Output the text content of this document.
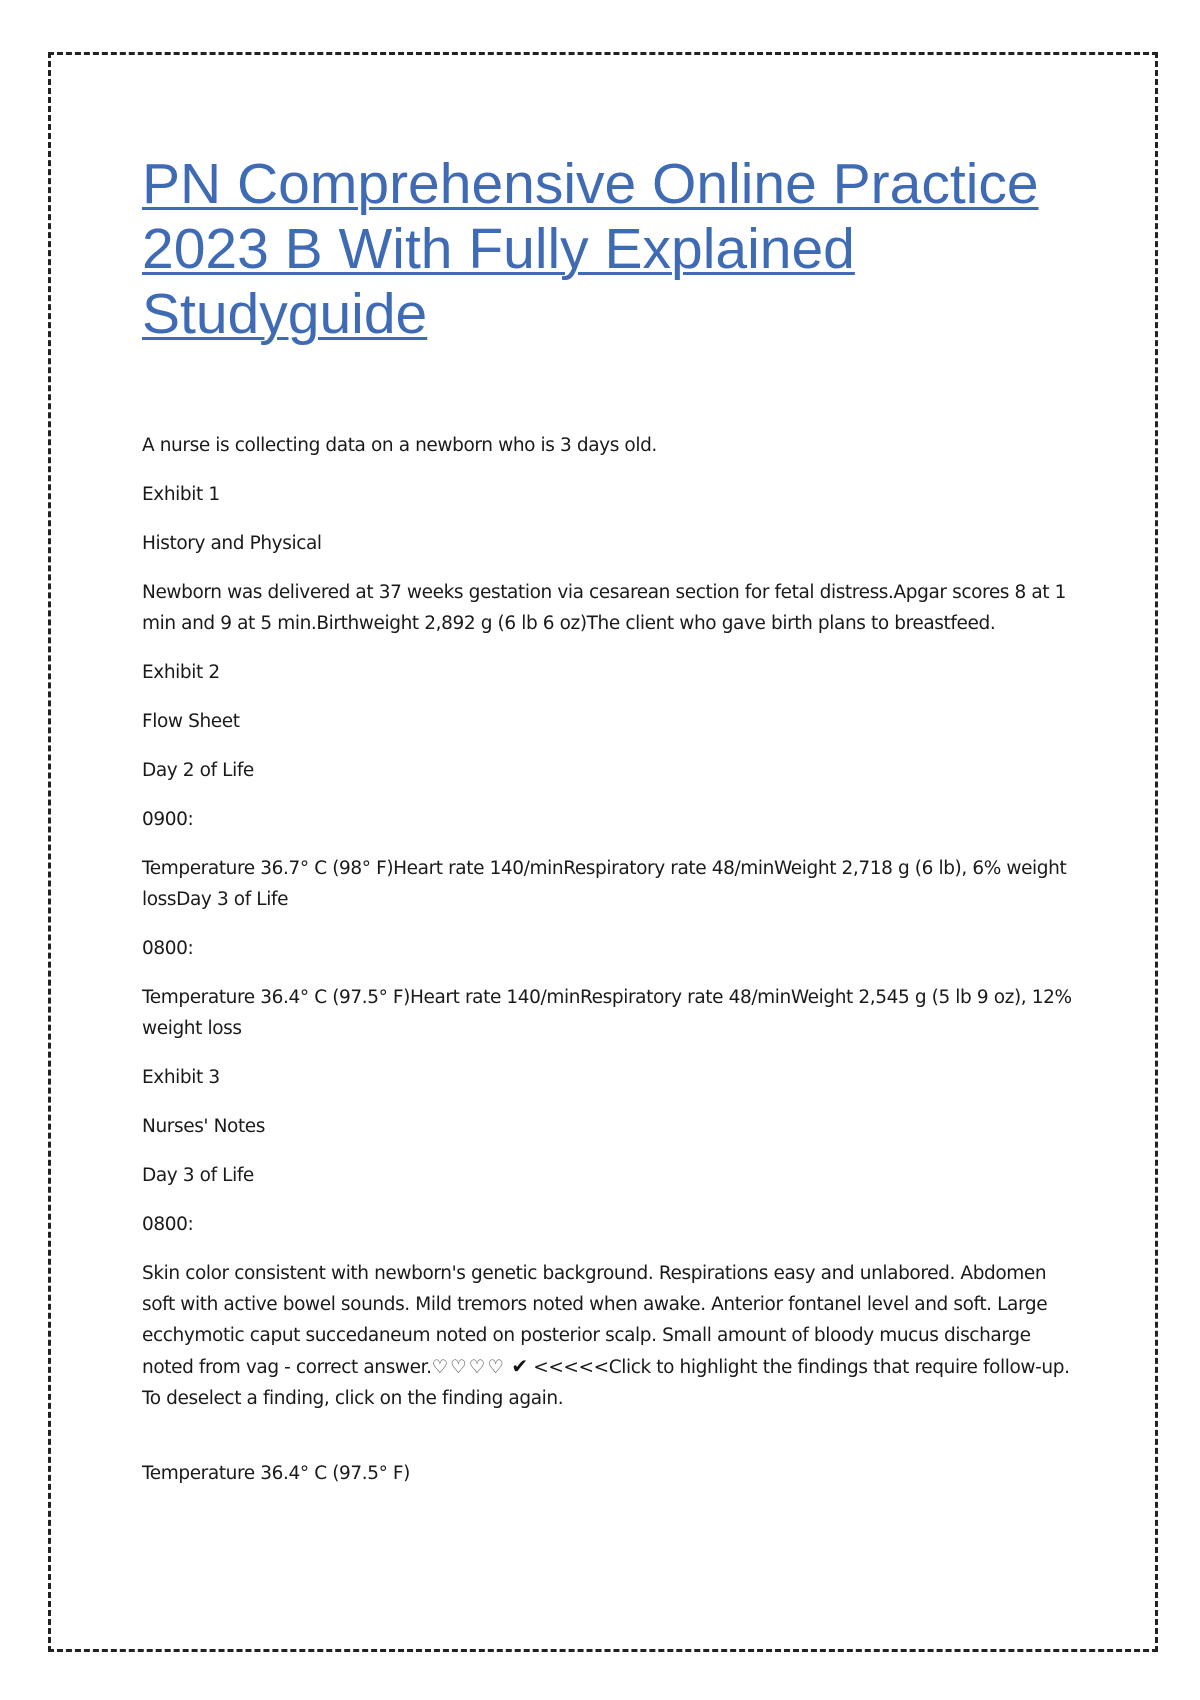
PN Comprehensive Online Practice
2023 B With Fully Explained
Studyguide

A nurse is collecting data on a newborn who is 3 days old.

Exhibit 1

History and Physical

Newborn was delivered at 37 weeks gestation via cesarean section for fetal distress.Apgar scores 8 at 1 min and 9 at 5 min.Birthweight 2,892 g (6 lb 6 oz)The client who gave birth plans to breastfeed.

Exhibit 2

Flow Sheet

Day 2 of Life

0900:

Temperature 36.7° C (98° F)Heart rate 140/minRespiratory rate 48/minWeight 2,718 g (6 lb), 6% weight lossDay 3 of Life

0800:

Temperature 36.4° C (97.5° F)Heart rate 140/minRespiratory rate 48/minWeight 2,545 g (5 lb 9 oz), 12% weight loss

Exhibit 3

Nurses' Notes

Day 3 of Life

0800:

Skin color consistent with newborn's genetic background. Respirations easy and unlabored. Abdomen soft with active bowel sounds. Mild tremors noted when awake. Anterior fontanel level and soft. Large ecchymotic caput succedaneum noted on posterior scalp. Small amount of bloody mucus discharge noted from vag - correct answer.♡♡♡♡ ✔ <<<<<Click to highlight the findings that require follow-up. To deselect a finding, click on the finding again.

Temperature 36.4° C (97.5° F)
